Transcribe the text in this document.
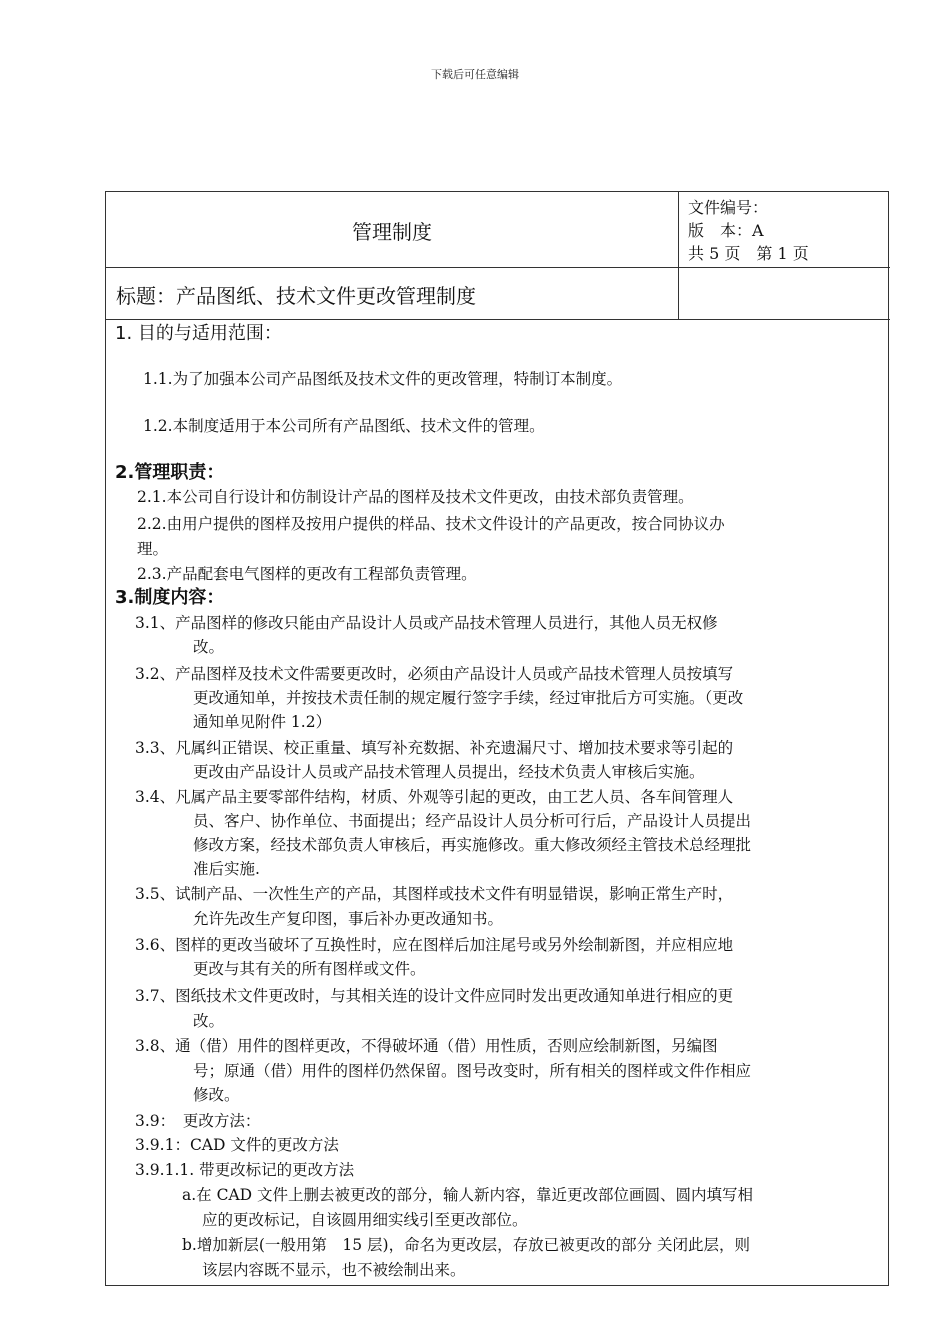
下载后可任意编辑
管理制度
文件编号：
版　本：A
共 5 页　第 1 页
标题：产品图纸、技术文件更改管理制度
1. 目的与适用范围：
1.1.为了加强本公司产品图纸及技术文件的更改管理，特制订本制度。
1.2.本制度适用于本公司所有产品图纸、技术文件的管理。
2.管理职责：
2.1.本公司自行设计和仿制设计产品的图样及技术文件更改，由技术部负责管理。
2.2.由用户提供的图样及按用户提供的样品、技术文件设计的产品更改，按合同协议办
理。
2.3.产品配套电气图样的更改有工程部负责管理。
3.制度内容：
3.1、产品图样的修改只能由产品设计人员或产品技术管理人员进行，其他人员无权修
改。
3.2、产品图样及技术文件需要更改时，必须由产品设计人员或产品技术管理人员按填写
更改通知单，并按技术责任制的规定履行签字手续，经过审批后方可实施。（更改
通知单见附件 1.2）
3.3、凡属纠正错误、校正重量、填写补充数据、补充遗漏尺寸、增加技术要求等引起的
更改由产品设计人员或产品技术管理人员提出，经技术负责人审核后实施。
3.4、凡属产品主要零部件结构，材质、外观等引起的更改，由工艺人员、各车间管理人
员、客户、协作单位、书面提出；经产品设计人员分析可行后，产品设计人员提出
修改方案，经技术部负责人审核后，再实施修改。重大修改须经主管技术总经理批
准后实施.
3.5、试制产品、一次性生产的产品，其图样或技术文件有明显错误，影响正常生产时，
允许先改生产复印图，事后补办更改通知书。
3.6、图样的更改当破坏了互换性时，应在图样后加注尾号或另外绘制新图，并应相应地
更改与其有关的所有图样或文件。
3.7、图纸技术文件更改时，与其相关连的设计文件应同时发出更改通知单进行相应的更
改。
3.8、通（借）用件的图样更改，不得破坏通（借）用性质，否则应绘制新图，另编图
号；原通（借）用件的图样仍然保留。图号改变时，所有相关的图样或文件作相应
修改。
3.9：　更改方法：
3.9.1：CAD 文件的更改方法
3.9.1.1. 带更改标记的更改方法
a.在 CAD 文件上删去被更改的部分，输人新内容，靠近更改部位画圆、圆内填写相
应的更改标记，自该圆用细实线引至更改部位。
b.增加新层(一般用第　15 层)，命名为更改层，存放已被更改的部分 关闭此层，则
该层内容既不显示，也不被绘制出来。
